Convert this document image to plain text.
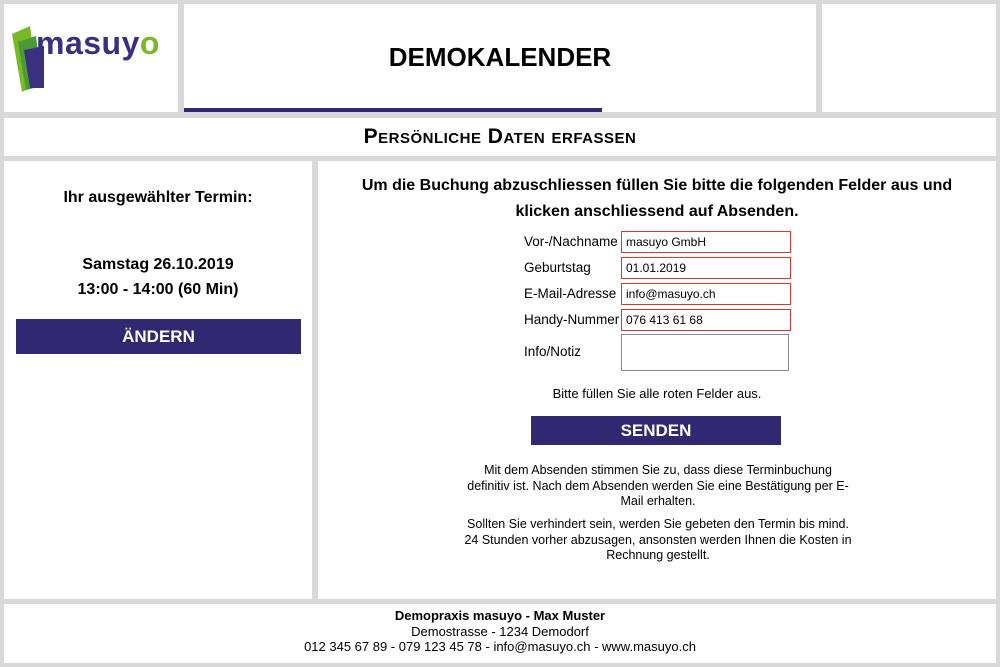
masuyo	DEMOKALENDER
Persönliche Daten erfassen
Ihr ausgewählter Termin:
Samstag 26.10.2019
13:00 - 14:00 (60 Min)
ÄNDERN
Um die Buchung abzuschliessen füllen Sie bitte die folgenden Felder aus und klicken anschliessend auf Absenden.
Vor-/Nachname
masuyo GmbH
Geburtstag
01.01.2019
E-Mail-Adresse
info@masuyo.ch
Handy-Nummer
076 413 61 68
Info/Notiz
Bitte füllen Sie alle roten Felder aus.
SENDEN
Mit dem Absenden stimmen Sie zu, dass diese Terminbuchung definitiv ist. Nach dem Absenden werden Sie eine Bestätigung per E-Mail erhalten.
Sollten Sie verhindert sein, werden Sie gebeten den Termin bis mind. 24 Stunden vorher abzusagen, ansonsten werden Ihnen die Kosten in Rechnung gestellt.
Demopraxis masuyo - Max Muster
Demostrasse - 1234 Demodorf
012 345 67 89 - 079 123 45 78 - info@masuyo.ch - www.masuyo.ch
